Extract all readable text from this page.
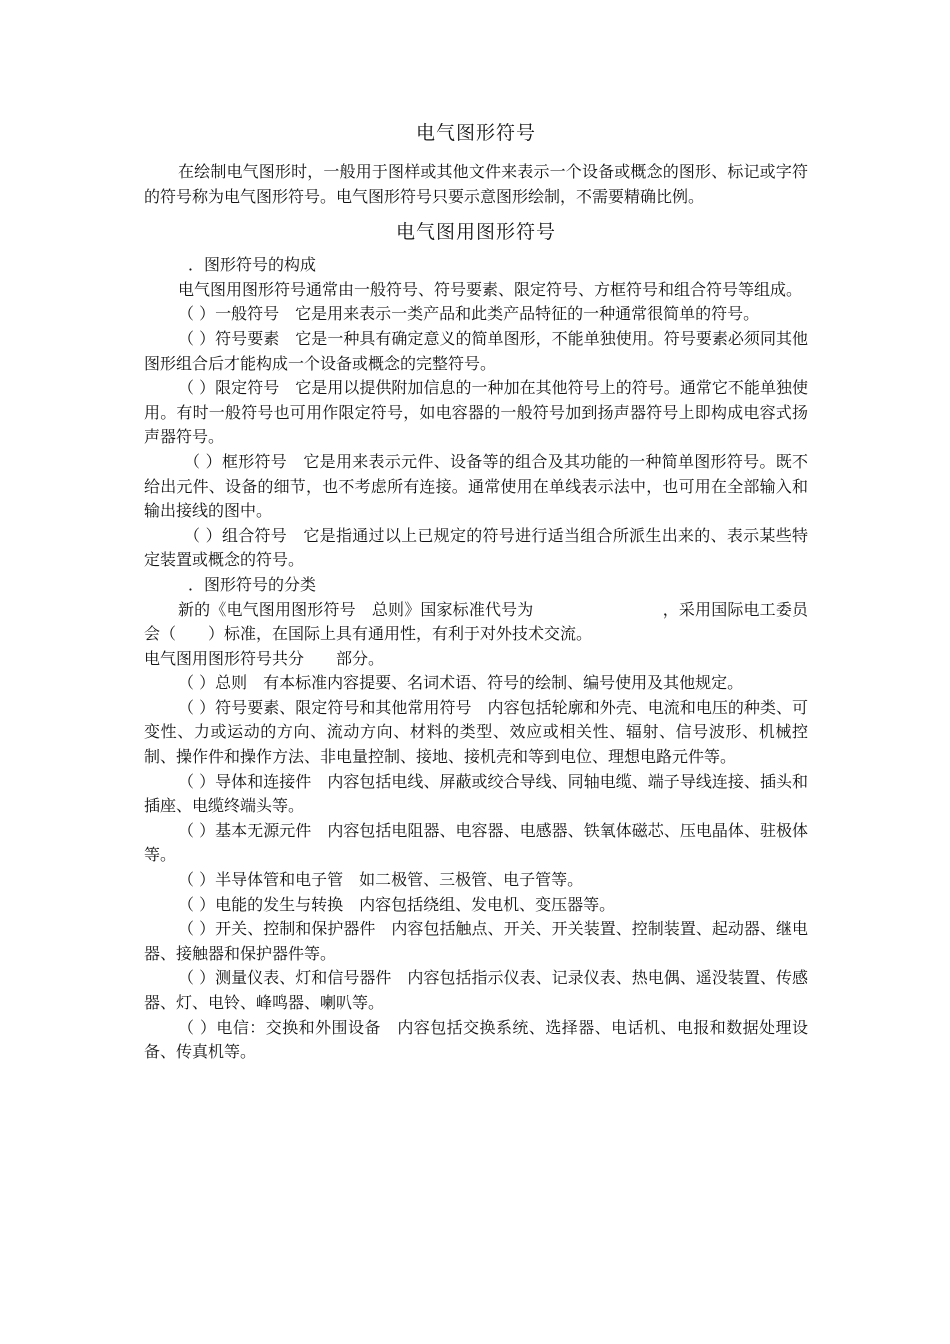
电气图形符号

在绘制电气图形时，一般用于图样或其他文件来表示一个设备或概念的图形、标记或字符的符号称为电气图形符号。电气图形符号只要示意图形绘制，不需要精确比例。

电气图用图形符号

．图形符号的构成

电气图用图形符号通常由一般符号、符号要素、限定符号、方框符号和组合符号等组成。

（ ）一般符号　它是用来表示一类产品和此类产品特征的一种通常很简单的符号。

（ ）符号要素　它是一种具有确定意义的简单图形，不能单独使用。符号要素必须同其他图形组合后才能构成一个设备或概念的完整符号。

（ ）限定符号　它是用以提供附加信息的一种加在其他符号上的符号。通常它不能单独使用。有时一般符号也可用作限定符号，如电容器的一般符号加到扬声器符号上即构成电容式扬声器符号。

（ ）框形符号　它是用来表示元件、设备等的组合及其功能的一种简单图形符号。既不给出元件、设备的细节，也不考虑所有连接。通常使用在单线表示法中，也可用在全部输入和输出接线的图中。

（ ）组合符号　它是指通过以上已规定的符号进行适当组合所派生出来的、表示某些特定装置或概念的符号。

．图形符号的分类

新的《电气图用图形符号　总则》国家标准代号为　　　　　　　　，采用国际电工委员会（　　）标准，在国际上具有通用性，有利于对外技术交流。

电气图用图形符号共分　　部分。

（ ）总则　有本标准内容提要、名词术语、符号的绘制、编号使用及其他规定。

（ ）符号要素、限定符号和其他常用符号　内容包括轮廓和外壳、电流和电压的种类、可变性、力或运动的方向、流动方向、材料的类型、效应或相关性、辐射、信号波形、机械控制、操作件和操作方法、非电量控制、接地、接机壳和等到电位、理想电路元件等。

（ ）导体和连接件　内容包括电线、屏蔽或绞合导线、同轴电缆、端子导线连接、插头和插座、电缆终端头等。

（ ）基本无源元件　内容包括电阻器、电容器、电感器、铁氧体磁芯、压电晶体、驻极体等。

（ ）半导体管和电子管　如二极管、三极管、电子管等。

（ ）电能的发生与转换　内容包括绕组、发电机、变压器等。

（ ）开关、控制和保护器件　内容包括触点、开关、开关装置、控制装置、起动器、继电器、接触器和保护器件等。

（ ）测量仪表、灯和信号器件　内容包括指示仪表、记录仪表、热电偶、遥没装置、传感器、灯、电铃、峰鸣器、喇叭等。

（ ）电信：交换和外围设备　内容包括交换系统、选择器、电话机、电报和数据处理设备、传真机等。
